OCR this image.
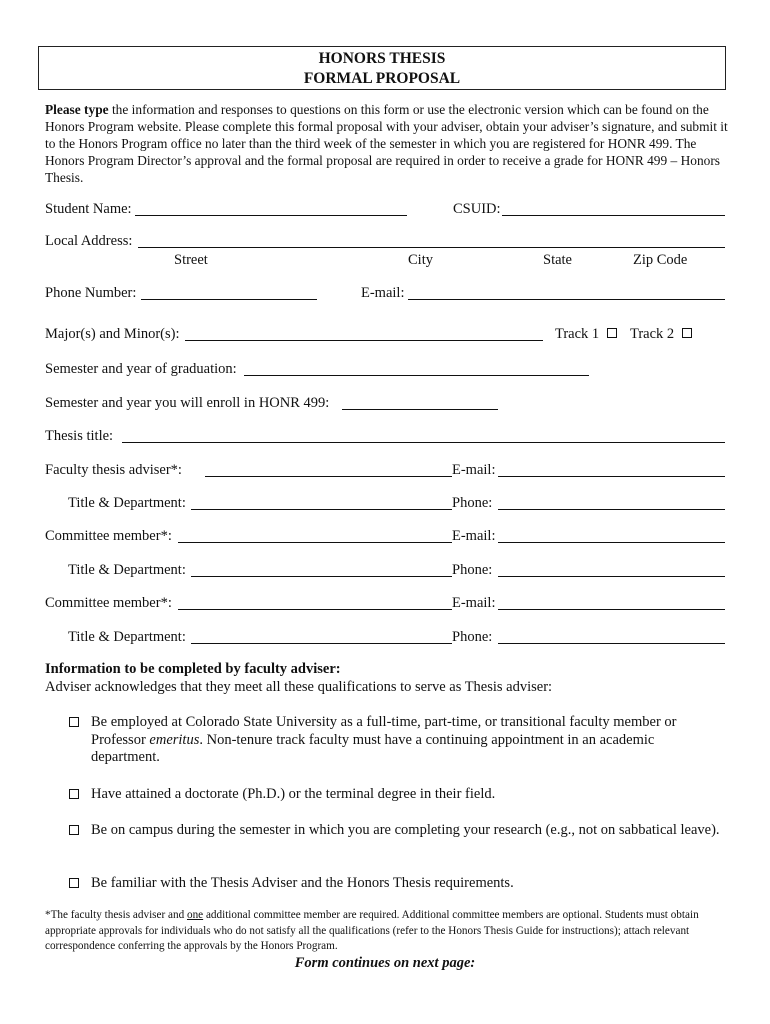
HONORS THESIS
FORMAL PROPOSAL
Please type the information and responses to questions on this form or use the electronic version which can be found on the Honors Program website. Please complete this formal proposal with your adviser, obtain your adviser’s signature, and submit it to the Honors Program office no later than the third week of the semester in which you are registered for HONR 499. The Honors Program Director’s approval and the formal proposal are required in order to receive a grade for HONR 499 – Honors Thesis.
Student Name:	CSUID:
Local Address:
Street	City	State	Zip Code
Phone Number:	E-mail:
Major(s) and Minor(s):	Track 1 Track 2
Semester and year of graduation:
Semester and year you will enroll in HONR 499:
Thesis title:
Faculty thesis adviser*:	E-mail:
Title & Department:	Phone:
Committee member*:	E-mail:
Title & Department:	Phone:
Committee member*:	E-mail:
Title & Department:	Phone:
Information to be completed by faculty adviser:
Adviser acknowledges that they meet all these qualifications to serve as Thesis adviser:
Be employed at Colorado State University as a full-time, part-time, or transitional faculty member or Professor emeritus. Non-tenure track faculty must have a continuing appointment in an academic department.
Have attained a doctorate (Ph.D.) or the terminal degree in their field.
Be on campus during the semester in which you are completing your research (e.g., not on sabbatical leave).
Be familiar with the Thesis Adviser and the Honors Thesis requirements.
*The faculty thesis adviser and one additional committee member are required. Additional committee members are optional. Students must obtain appropriate approvals for individuals who do not satisfy all the qualifications (refer to the Honors Thesis Guide for instructions); attach relevant correspondence conferring the approvals by the Honors Program.
Form continues on next page:
